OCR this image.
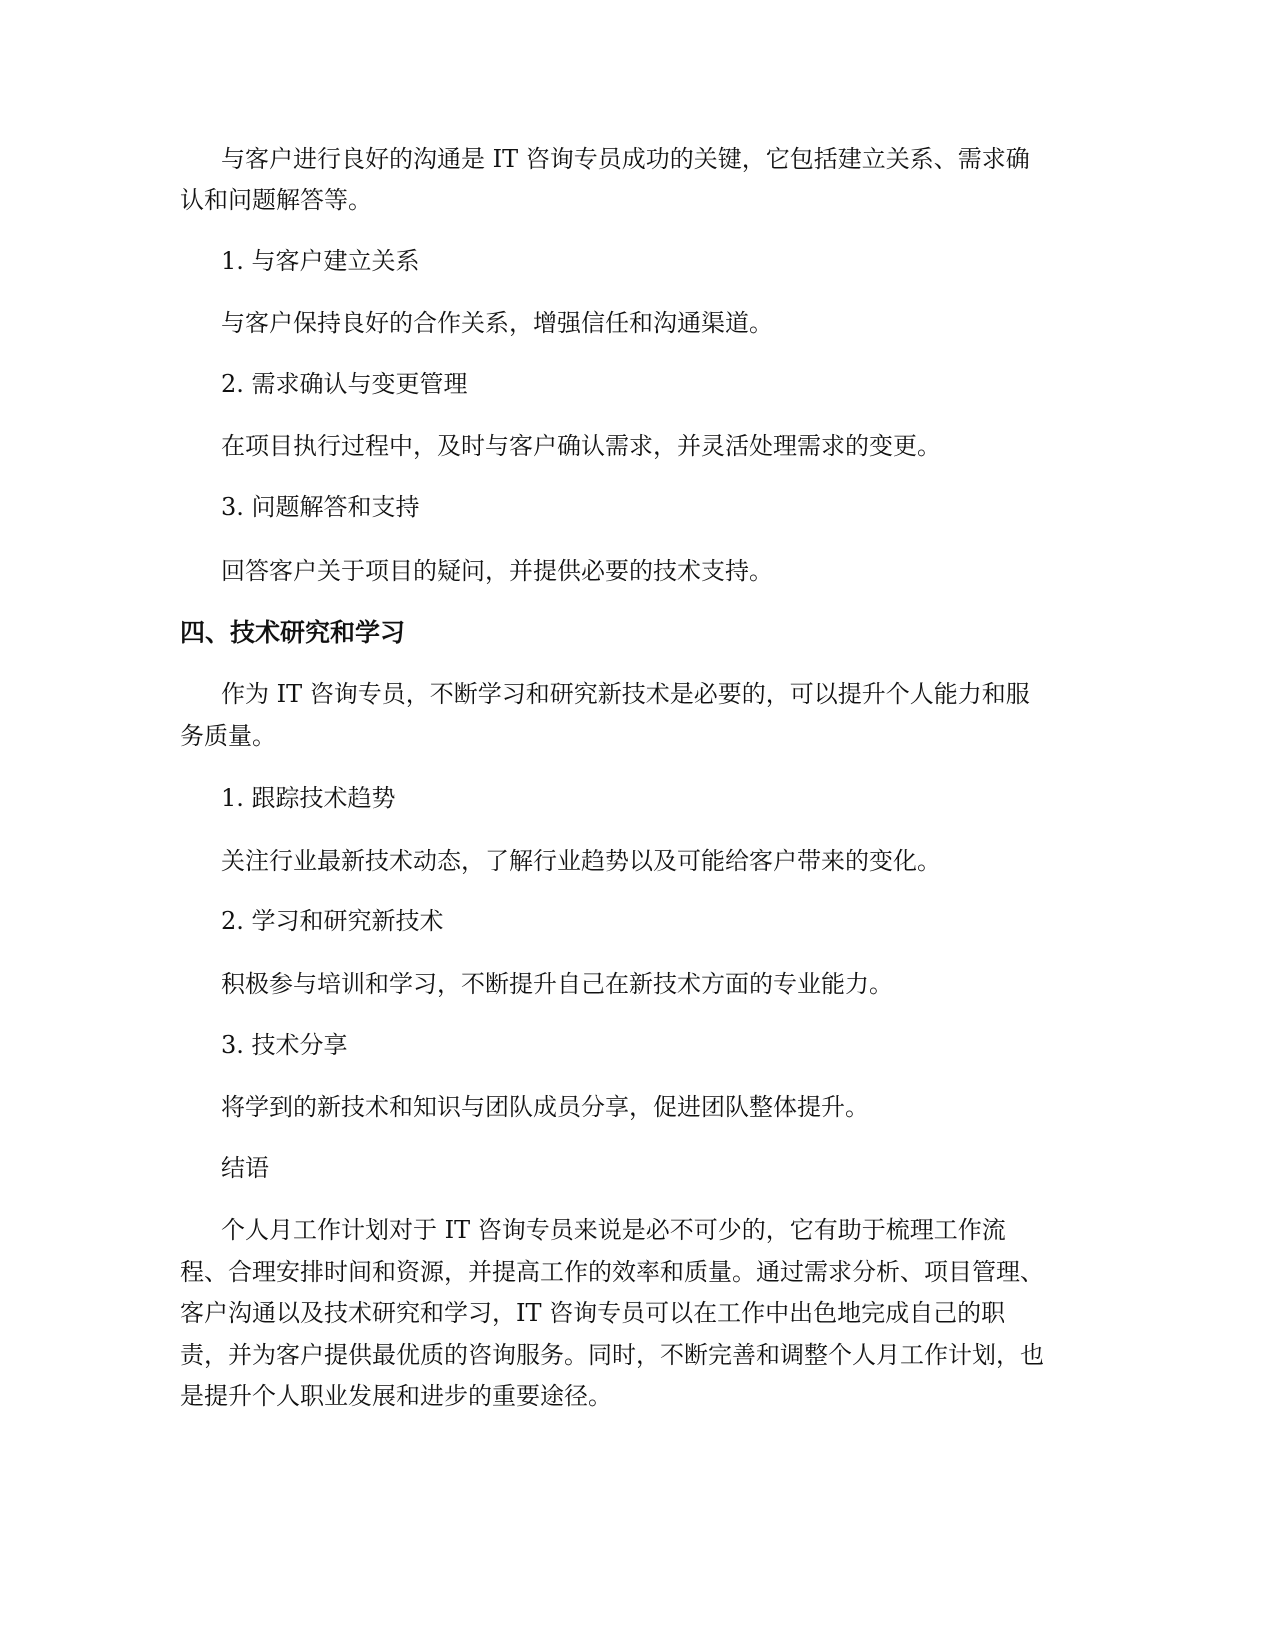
与客户进行良好的沟通是 IT 咨询专员成功的关键，它包括建立关系、需求确

认和问题解答等。

1. 与客户建立关系

与客户保持良好的合作关系，增强信任和沟通渠道。

2. 需求确认与变更管理

在项目执行过程中，及时与客户确认需求，并灵活处理需求的变更。

3. 问题解答和支持

回答客户关于项目的疑问，并提供必要的技术支持。

四、技术研究和学习

作为 IT 咨询专员，不断学习和研究新技术是必要的，可以提升个人能力和服

务质量。

1. 跟踪技术趋势

关注行业最新技术动态，了解行业趋势以及可能给客户带来的变化。

2. 学习和研究新技术

积极参与培训和学习，不断提升自己在新技术方面的专业能力。

3. 技术分享

将学到的新技术和知识与团队成员分享，促进团队整体提升。

结语

个人月工作计划对于 IT 咨询专员来说是必不可少的，它有助于梳理工作流

程、合理安排时间和资源，并提高工作的效率和质量。通过需求分析、项目管理、

客户沟通以及技术研究和学习，IT 咨询专员可以在工作中出色地完成自己的职

责，并为客户提供最优质的咨询服务。同时，不断完善和调整个人月工作计划，也

是提升个人职业发展和进步的重要途径。
